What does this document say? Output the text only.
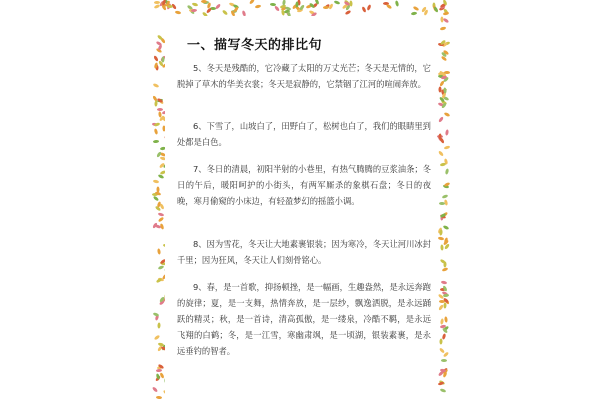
一、描写冬天的排比句

5、冬天是残酷的，它冷藏了太阳的万丈光芒；冬天是无情的，它脱掉了草木的华美衣裳；冬天是寂静的，它禁锢了江河的喧闹奔放。

6、下雪了，山坡白了，田野白了，松树也白了，我们的眼睛里到处都是白色。

7、冬日的清晨，初阳半射的小巷里，有热气腾腾的豆浆油条；冬日的午后，暖阳呵护的小街头，有两军厮杀的象棋石盘；冬日的夜晚，寒月偷窥的小床边，有轻盈梦幻的摇篮小调。

8、因为雪花，冬天让大地素裹银装；因为寒冷，冬天让河川冰封千里；因为狂风，冬天让人们刻骨铭心。

9、春，是一首歌，抑扬顿挫，是一幅画，生趣盎然，是永远奔跑的旋律；夏，是一支舞，热情奔放，是一层纱，飘逸洒脱，是永远踊跃的精灵；秋，是一首诗，清高孤傲，是一缕泉，冷酷不羁，是永远飞翔的白鹤；冬，是一江雪，寒幽肃飒，是一顷湖，银装素裹，是永远垂钓的智者。
